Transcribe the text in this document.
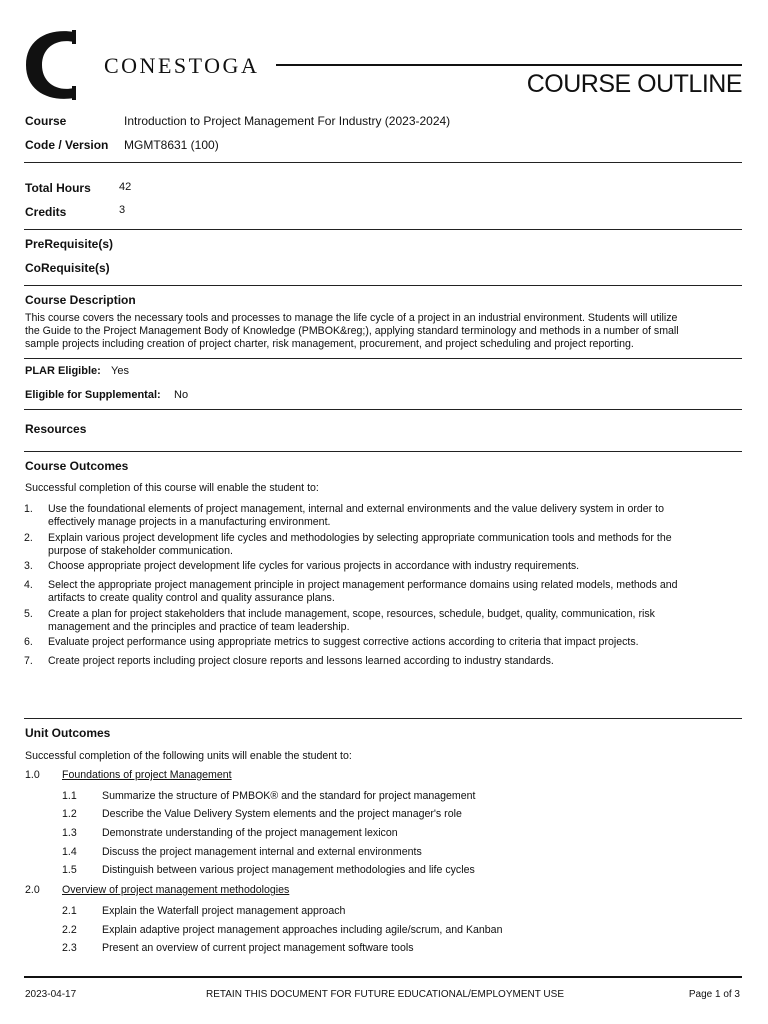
CONESTOGA
COURSE OUTLINE
Course	Introduction to Project Management For Industry (2023-2024)
Code / Version MGMT8631 (100)
Total Hours	42
Credits	3
PreRequisite(s)
CoRequisite(s)
Course Description
This course covers the necessary tools and processes to manage the life cycle of a project in an industrial environment. Students will utilize
the Guide to the Project Management Body of Knowledge (PMBOK&reg;), applying standard terminology and methods in a number of small
sample projects including creation of project charter, risk management, procurement, and project scheduling and project reporting.
PLAR Eligible: Yes
Eligible for Supplemental: No
Resources
Course Outcomes
Successful completion of this course will enable the student to:
1. Use the foundational elements of project management, internal and external environments and the value delivery system in order to
effectively manage projects in a manufacturing environment.
2. Explain various project development life cycles and methodologies by selecting appropriate communication tools and methods for the
purpose of stakeholder communication.
3. Choose appropriate project development life cycles for various projects in accordance with industry requirements.
4. Select the appropriate project management principle in project management performance domains using related models, methods and
artifacts to create quality control and quality assurance plans.
5. Create a plan for project stakeholders that include management, scope, resources, schedule, budget, quality, communication, risk
management and the principles and practice of team leadership.
6. Evaluate project performance using appropriate metrics to suggest corrective actions according to criteria that impact projects.
7. Create project reports including project closure reports and lessons learned according to industry standards.
Unit Outcomes
Successful completion of the following units will enable the student to:
1.0 Foundations of project Management
1.1 Summarize the structure of PMBOK® and the standard for project management
1.2 Describe the Value Delivery System elements and the project manager's role
1.3 Demonstrate understanding of the project management lexicon
1.4 Discuss the project management internal and external environments
1.5 Distinguish between various project management methodologies and life cycles
2.0 Overview of project management methodologies
2.1 Explain the Waterfall project management approach
2.2 Explain adaptive project management approaches including agile/scrum, and Kanban
2.3 Present an overview of current project management software tools
2023-04-17	RETAIN THIS DOCUMENT FOR FUTURE EDUCATIONAL/EMPLOYMENT USE	Page 1 of 3
